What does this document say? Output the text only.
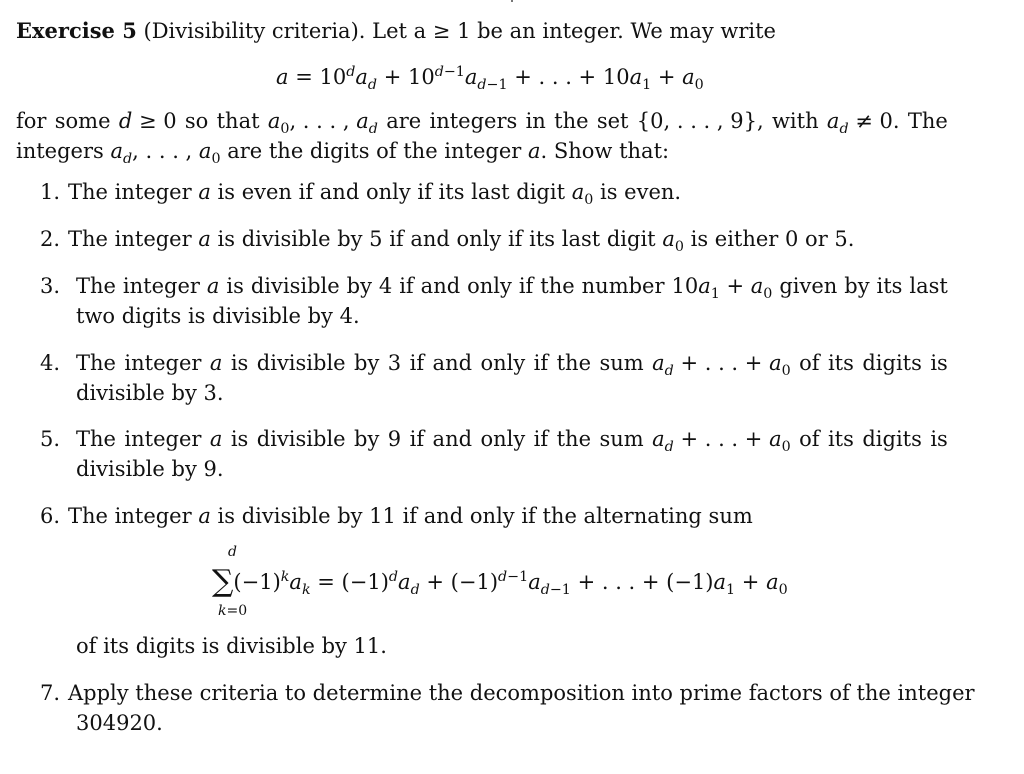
Exercise 5 (Divisibility criteria). Let a ≥ 1 be an integer. We may write
$a = 10^da_d + 10^{d-1}a_{d-1}$ + . . . + $10a_1 + a_0$
for some d ≥ 0 so that $a_0$, . . . , $a_d$ are integers in the set {0, . . . , 9}, with $a_d \ne 0$. The
integers $a_d$, . . . , $a_0$ are the digits of the integer a. Show that:
1. The integer a is even if and only if its last digit $a_0$ is even.
2. The integer a is divisible by 5 if and only if its last digit $a_0$ is either 0 or 5.
3. The integer a is divisible by 4 if and only if the number $10a_1 + a_0$ given by its last
two digits is divisible by 4.
4. The integer a is divisible by 3 if and only if the sum $a_d$ + . . . + $a_0$ of its digits is
divisible by 3.
5. The integer a is divisible by 9 if and only if the sum $a_d$ + . . . + $a_0$ of its digits is
divisible by 9.
6. The integer a is divisible by 11 if and only if the alternating sum
d
$\sum(-1)^ka_k = (-1)^da_d + (-1)^{d-1}a_{d-1}$ + . . . + $(-1)a_1 + a_0$
k=0
of its digits is divisible by 11.
7. Apply these criteria to determine the decomposition into prime factors of the integer
304920.
